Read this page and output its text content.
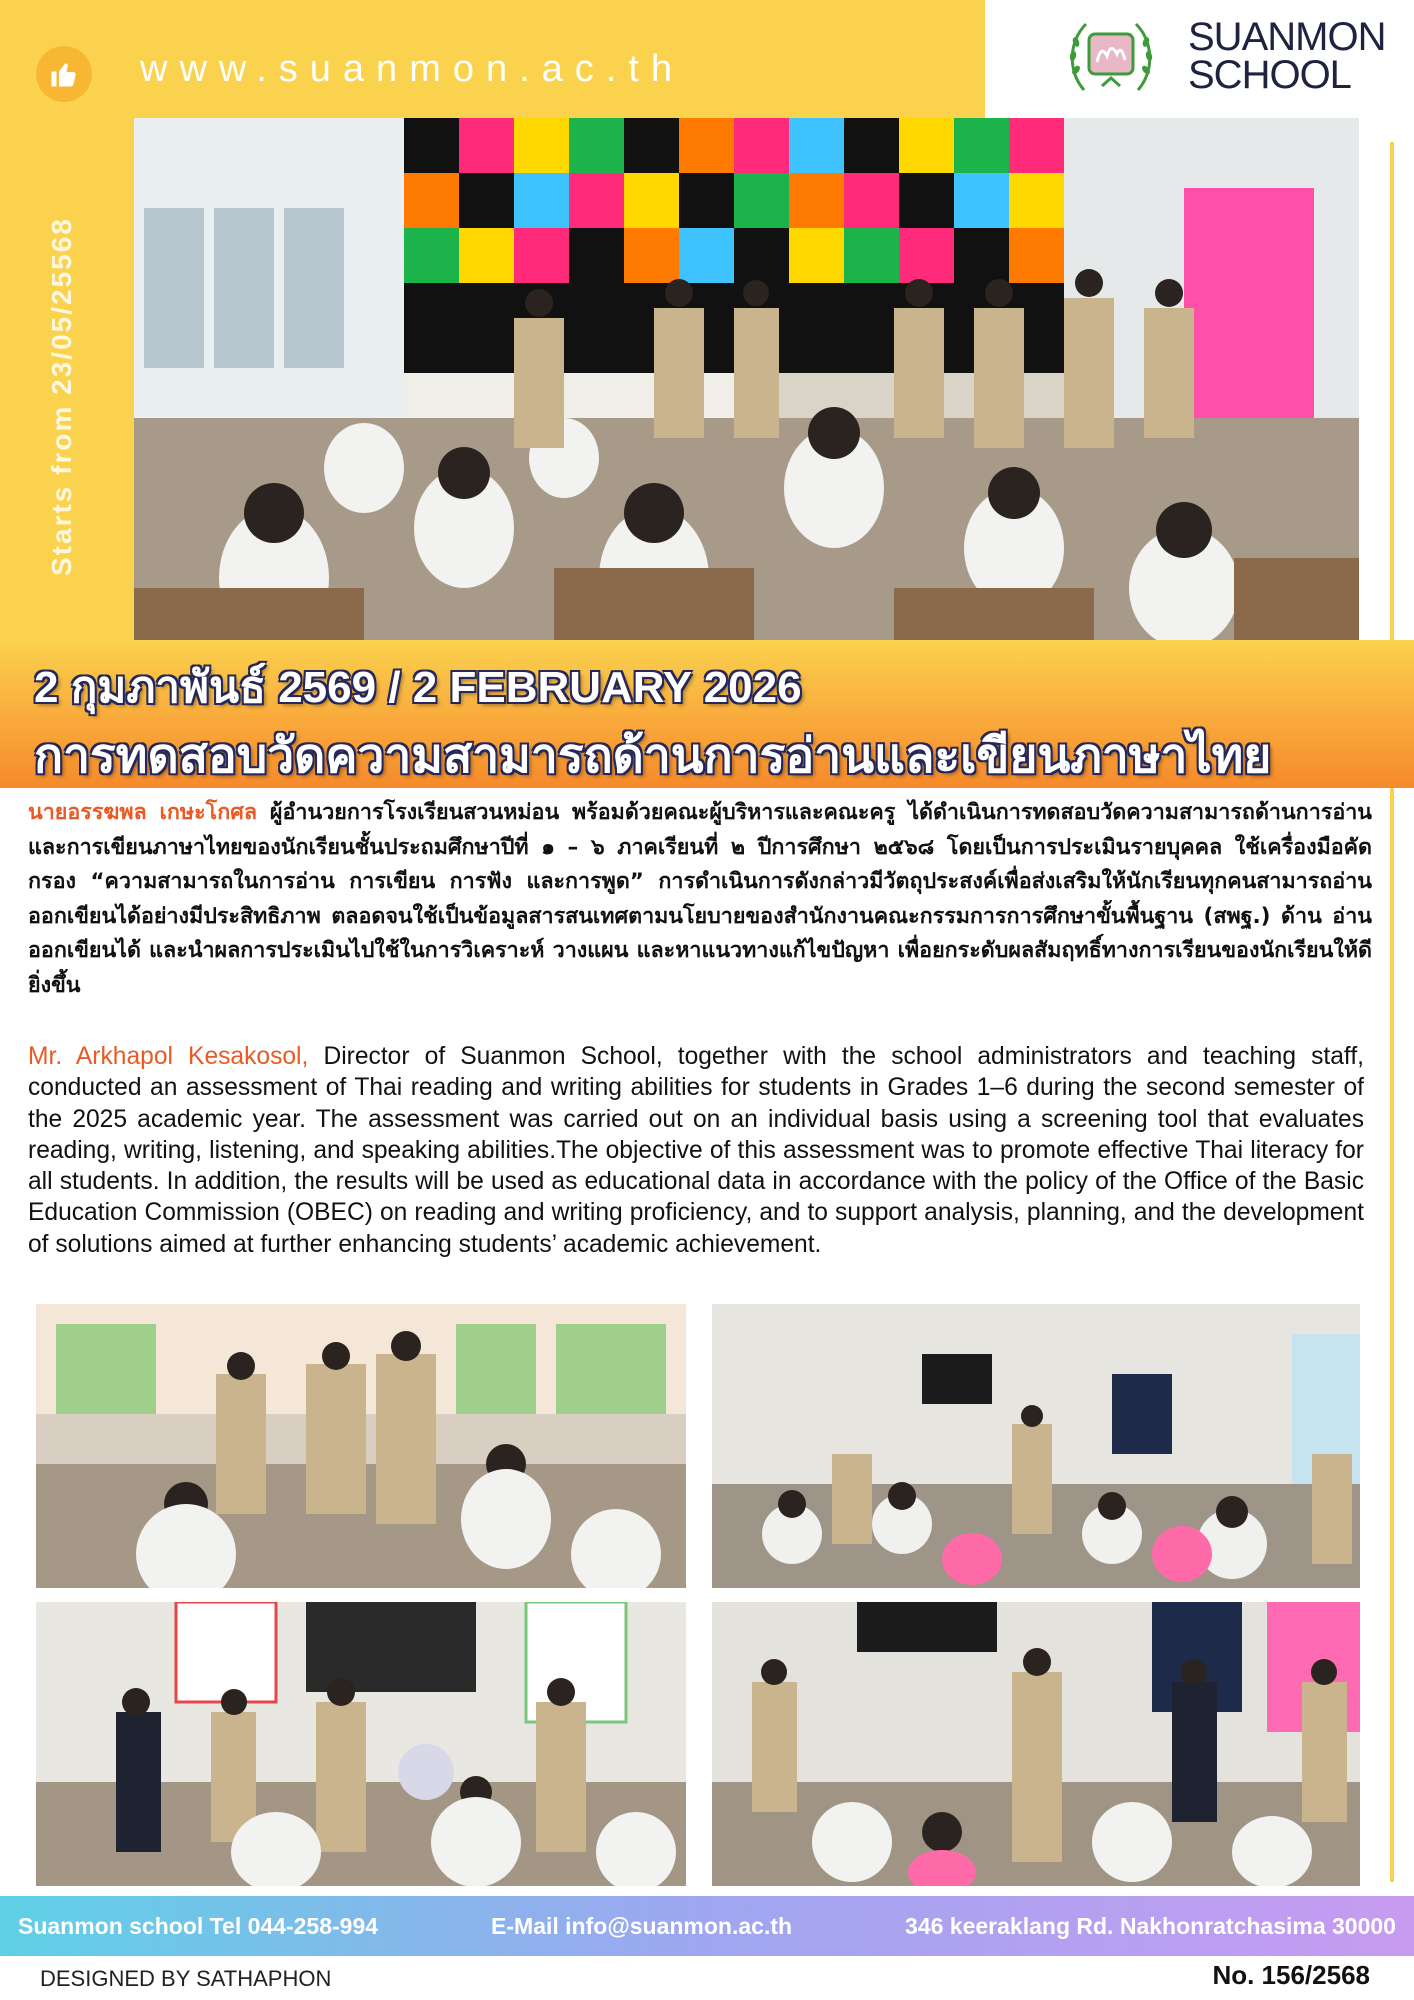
www.suanmon.ac.th
SUANMON
SCHOOL
Starts from 23/05/25568
2 กุมภาพันธ์ 2569 / 2 FEBRUARY 2026
การทดสอบวัดความสามารถด้านการอ่านและเขียนภาษาไทย
นายอรรฆพล เกษะโกศล ผู้อำนวยการโรงเรียนสวนหม่อน พร้อมด้วยคณะผู้บริหารและคณะครู ได้ดำเนินการทดสอบวัดความสามารถด้านการอ่านและการเขียนภาษาไทยของนักเรียนชั้นประถมศึกษาปีที่ ๑ – ๖ ภาคเรียนที่ ๒ ปีการศึกษา ๒๕๖๘ โดยเป็นการประเมินรายบุคคล ใช้เครื่องมือคัดกรอง “ความสามารถในการอ่าน การเขียน การฟัง และการพูด” การดำเนินการดังกล่าวมีวัตถุประสงค์เพื่อส่งเสริมให้นักเรียนทุกคนสามารถอ่านออกเขียนได้อย่างมีประสิทธิภาพ ตลอดจนใช้เป็นข้อมูลสารสนเทศตามนโยบายของสำนักงานคณะกรรมการการศึกษาขั้นพื้นฐาน (สพฐ.) ด้าน อ่านออกเขียนได้ และนำผลการประเมินไปใช้ในการวิเคราะห์ วางแผน และหาแนวทางแก้ไขปัญหา เพื่อยกระดับผลสัมฤทธิ์ทางการเรียนของนักเรียนให้ดียิ่งขึ้น
Mr. Arkhapol Kesakosol, Director of Suanmon School, together with the school administrators and teaching staff, conducted an assessment of Thai reading and writing abilities for students in Grades 1–6 during the second semester of the 2025 academic year. The assessment was carried out on an individual basis using a screening tool that evaluates reading, writing, listening, and speaking abilities.The objective of this assessment was to promote effective Thai literacy for all students. In addition, the results will be used as educational data in accordance with the policy of the Office of the Basic Education Commission (OBEC) on reading and writing proficiency, and to support analysis, planning, and the development of solutions aimed at further enhancing students’ academic achievement.
Suanmon school Tel 044-258-994	E-Mail info@suanmon.ac.th	346 keeraklang Rd. Nakhonratchasima 30000
DESIGNED BY SATHAPHON	No. 156/2568
